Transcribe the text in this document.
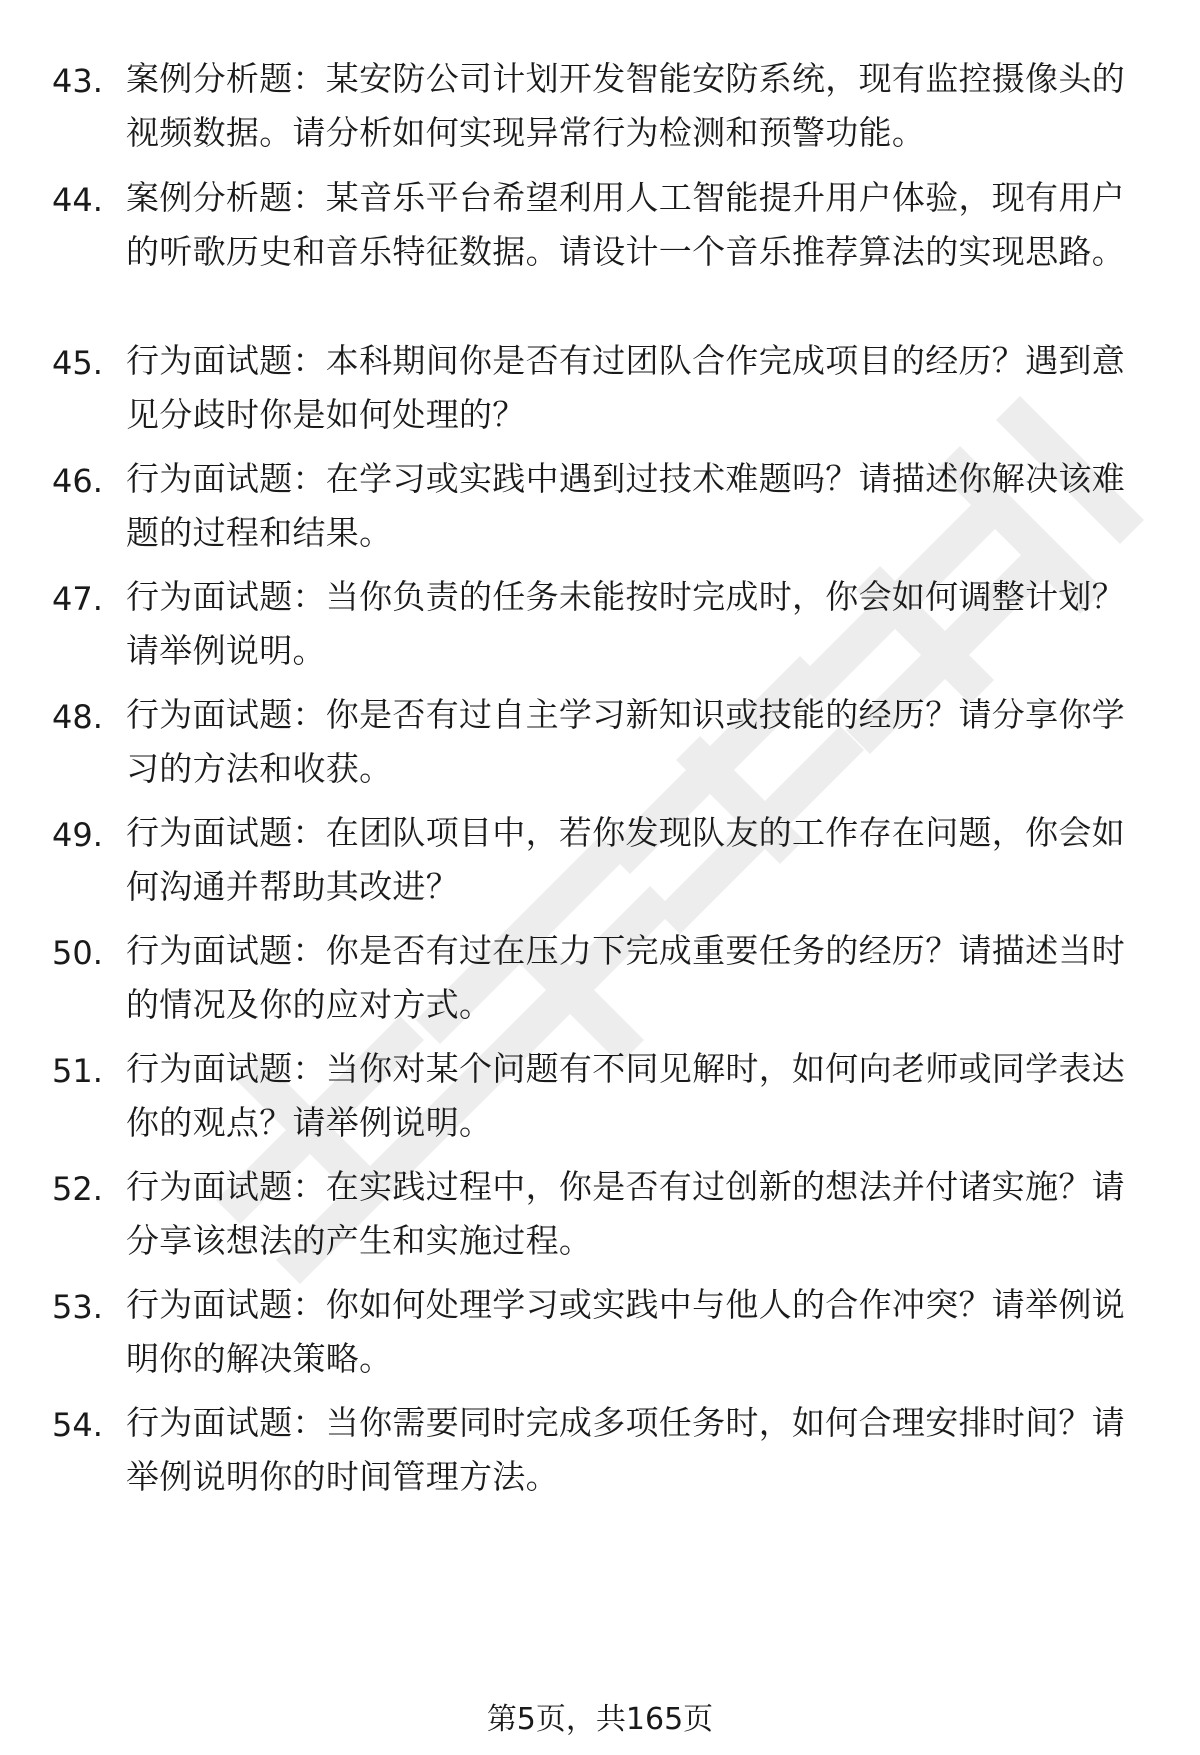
43. 案例分析题：某安防公司计划开发智能安防系统，现有监控摄像头的视频数据。请分析如何实现异常行为检测和预警功能。
44. 案例分析题：某音乐平台希望利用人工智能提升用户体验，现有用户的听歌历史和音乐特征数据。请设计一个音乐推荐算法的实现思路。
45. 行为面试题：本科期间你是否有过团队合作完成项目的经历？遇到意见分歧时你是如何处理的？
46. 行为面试题：在学习或实践中遇到过技术难题吗？请描述你解决该难题的过程和结果。
47. 行为面试题：当你负责的任务未能按时完成时，你会如何调整计划？请举例说明。
48. 行为面试题：你是否有过自主学习新知识或技能的经历？请分享你学习的方法和收获。
49. 行为面试题：在团队项目中，若你发现队友的工作存在问题，你会如何沟通并帮助其改进？
50. 行为面试题：你是否有过在压力下完成重要任务的经历？请描述当时的情况及你的应对方式。
51. 行为面试题：当你对某个问题有不同见解时，如何向老师或同学表达你的观点？请举例说明。
52. 行为面试题：在实践过程中，你是否有过创新的想法并付诸实施？请分享该想法的产生和实施过程。
53. 行为面试题：你如何处理学习或实践中与他人的合作冲突？请举例说明你的解决策略。
54. 行为面试题：当你需要同时完成多项任务时，如何合理安排时间？请举例说明你的时间管理方法。
第5页，共165页
